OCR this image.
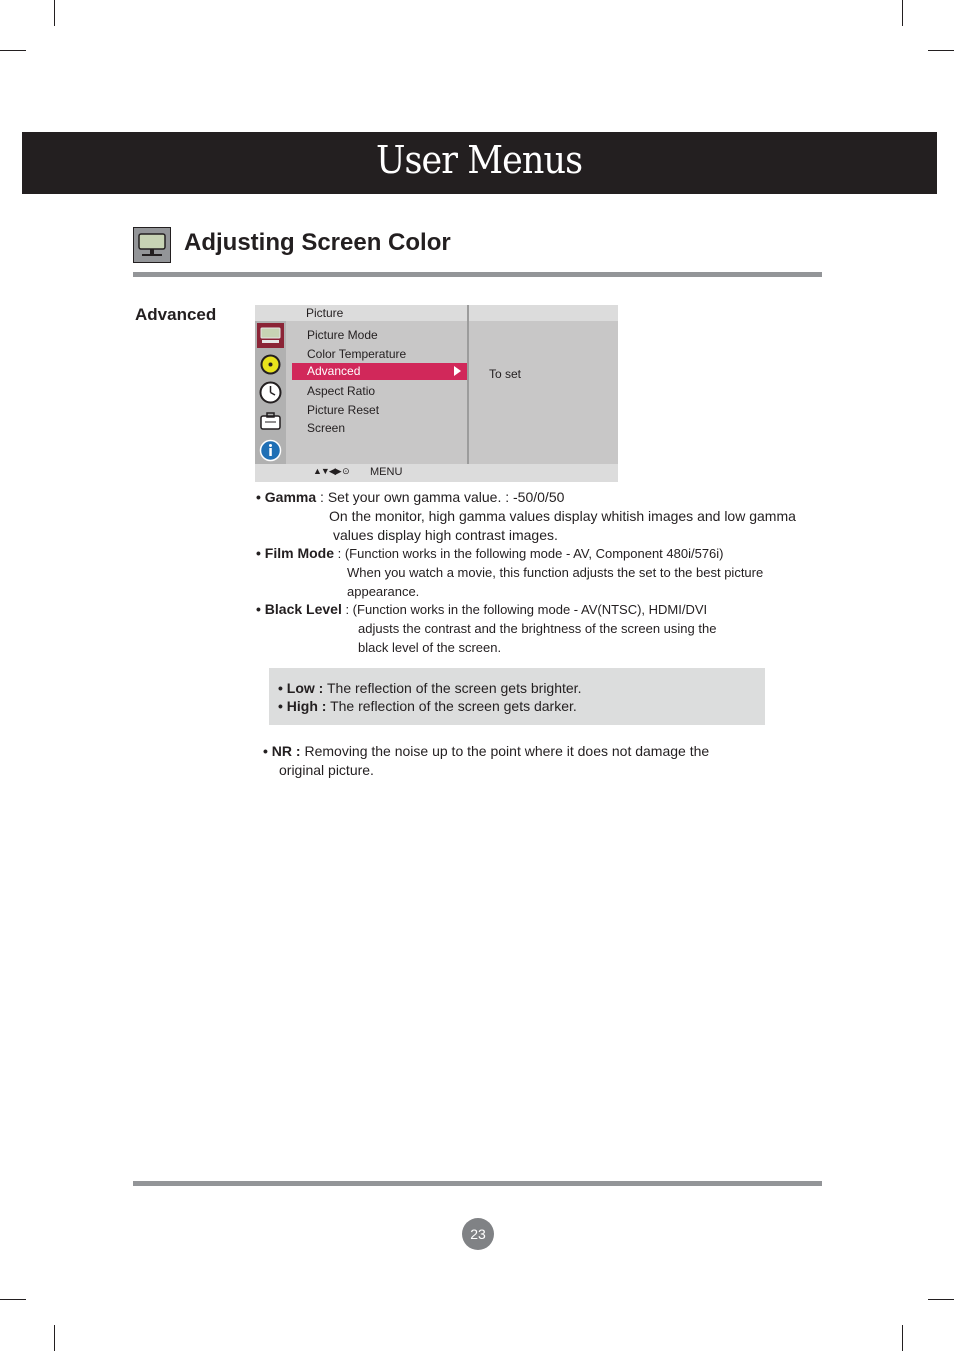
User Menus
Adjusting Screen Color
Advanced	Picture
Picture Mode
Color Temperature
Advanced
Aspect Ratio
Picture Reset
Screen
To set
▲▼◀▶ ⊙ MENU
• Gamma : Set your own gamma value. : -50/0/50
On the monitor, high gamma values display whitish images and low gamma
values display high contrast images.
• Film Mode : (Function works in the following mode - AV, Component 480i/576i)
When you watch a movie, this function adjusts the set to the best picture
appearance.
• Black Level : (Function works in the following mode - AV(NTSC), HDMI/DVI
adjusts the contrast and the brightness of the screen using the
black level of the screen.
• Low : The reflection of the screen gets brighter.
• High : The reflection of the screen gets darker.
• NR : Removing the noise up to the point where it does not damage the
original picture.
23
